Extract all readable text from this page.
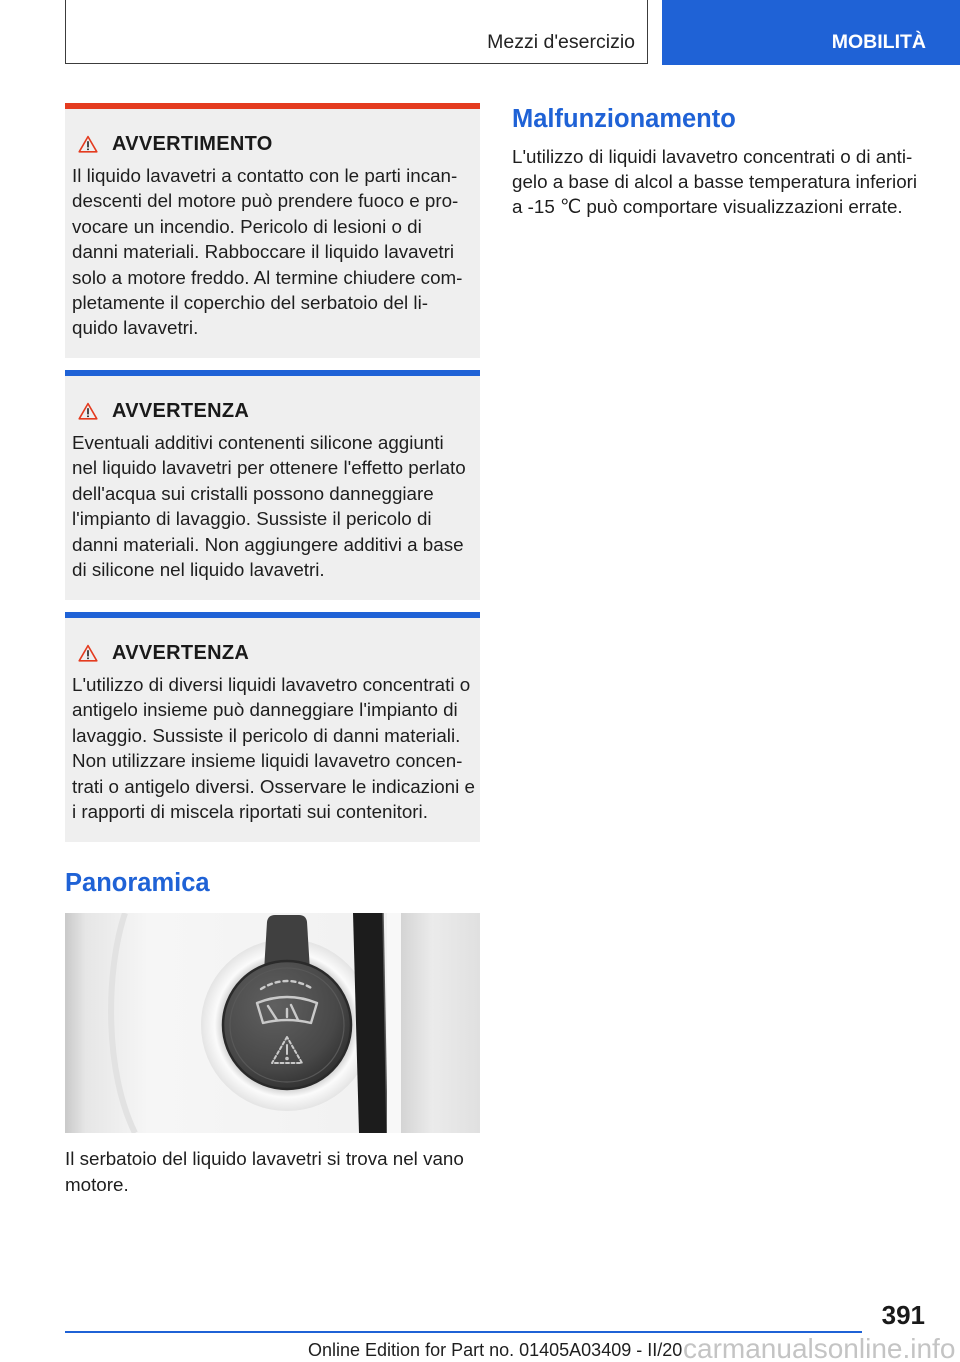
Mezzi d'esercizio	MOBILITÀ
AVVERTIMENTO
Il liquido lavavetri a contatto con le parti incan-
descenti del motore può prendere fuoco e pro-
vocare un incendio. Pericolo di lesioni o di
danni materiali. Rabboccare il liquido lavavetri
solo a motore freddo. Al termine chiudere com-
pletamente il coperchio del serbatoio del li-
quido lavavetri.
AVVERTENZA
Eventuali additivi contenenti silicone aggiunti
nel liquido lavavetri per ottenere l'effetto perlato
dell'acqua sui cristalli possono danneggiare
l'impianto di lavaggio. Sussiste il pericolo di
danni materiali. Non aggiungere additivi a base
di silicone nel liquido lavavetri.
AVVERTENZA
L'utilizzo di diversi liquidi lavavetro concentrati o
antigelo insieme può danneggiare l'impianto di
lavaggio. Sussiste il pericolo di danni materiali.
Non utilizzare insieme liquidi lavavetro concen-
trati o antigelo diversi. Osservare le indicazioni e
i rapporti di miscela riportati sui contenitori.
Panoramica
Il serbatoio del liquido lavavetri si trova nel vano
motore.
Malfunzionamento
L'utilizzo di liquidi lavavetro concentrati o di anti-
gelo a base di alcol a basse temperatura inferiori
a -15 ℃ può comportare visualizzazioni errate.
391
Online Edition for Part no. 01405A03409 - II/20 carmanualsonline.info
